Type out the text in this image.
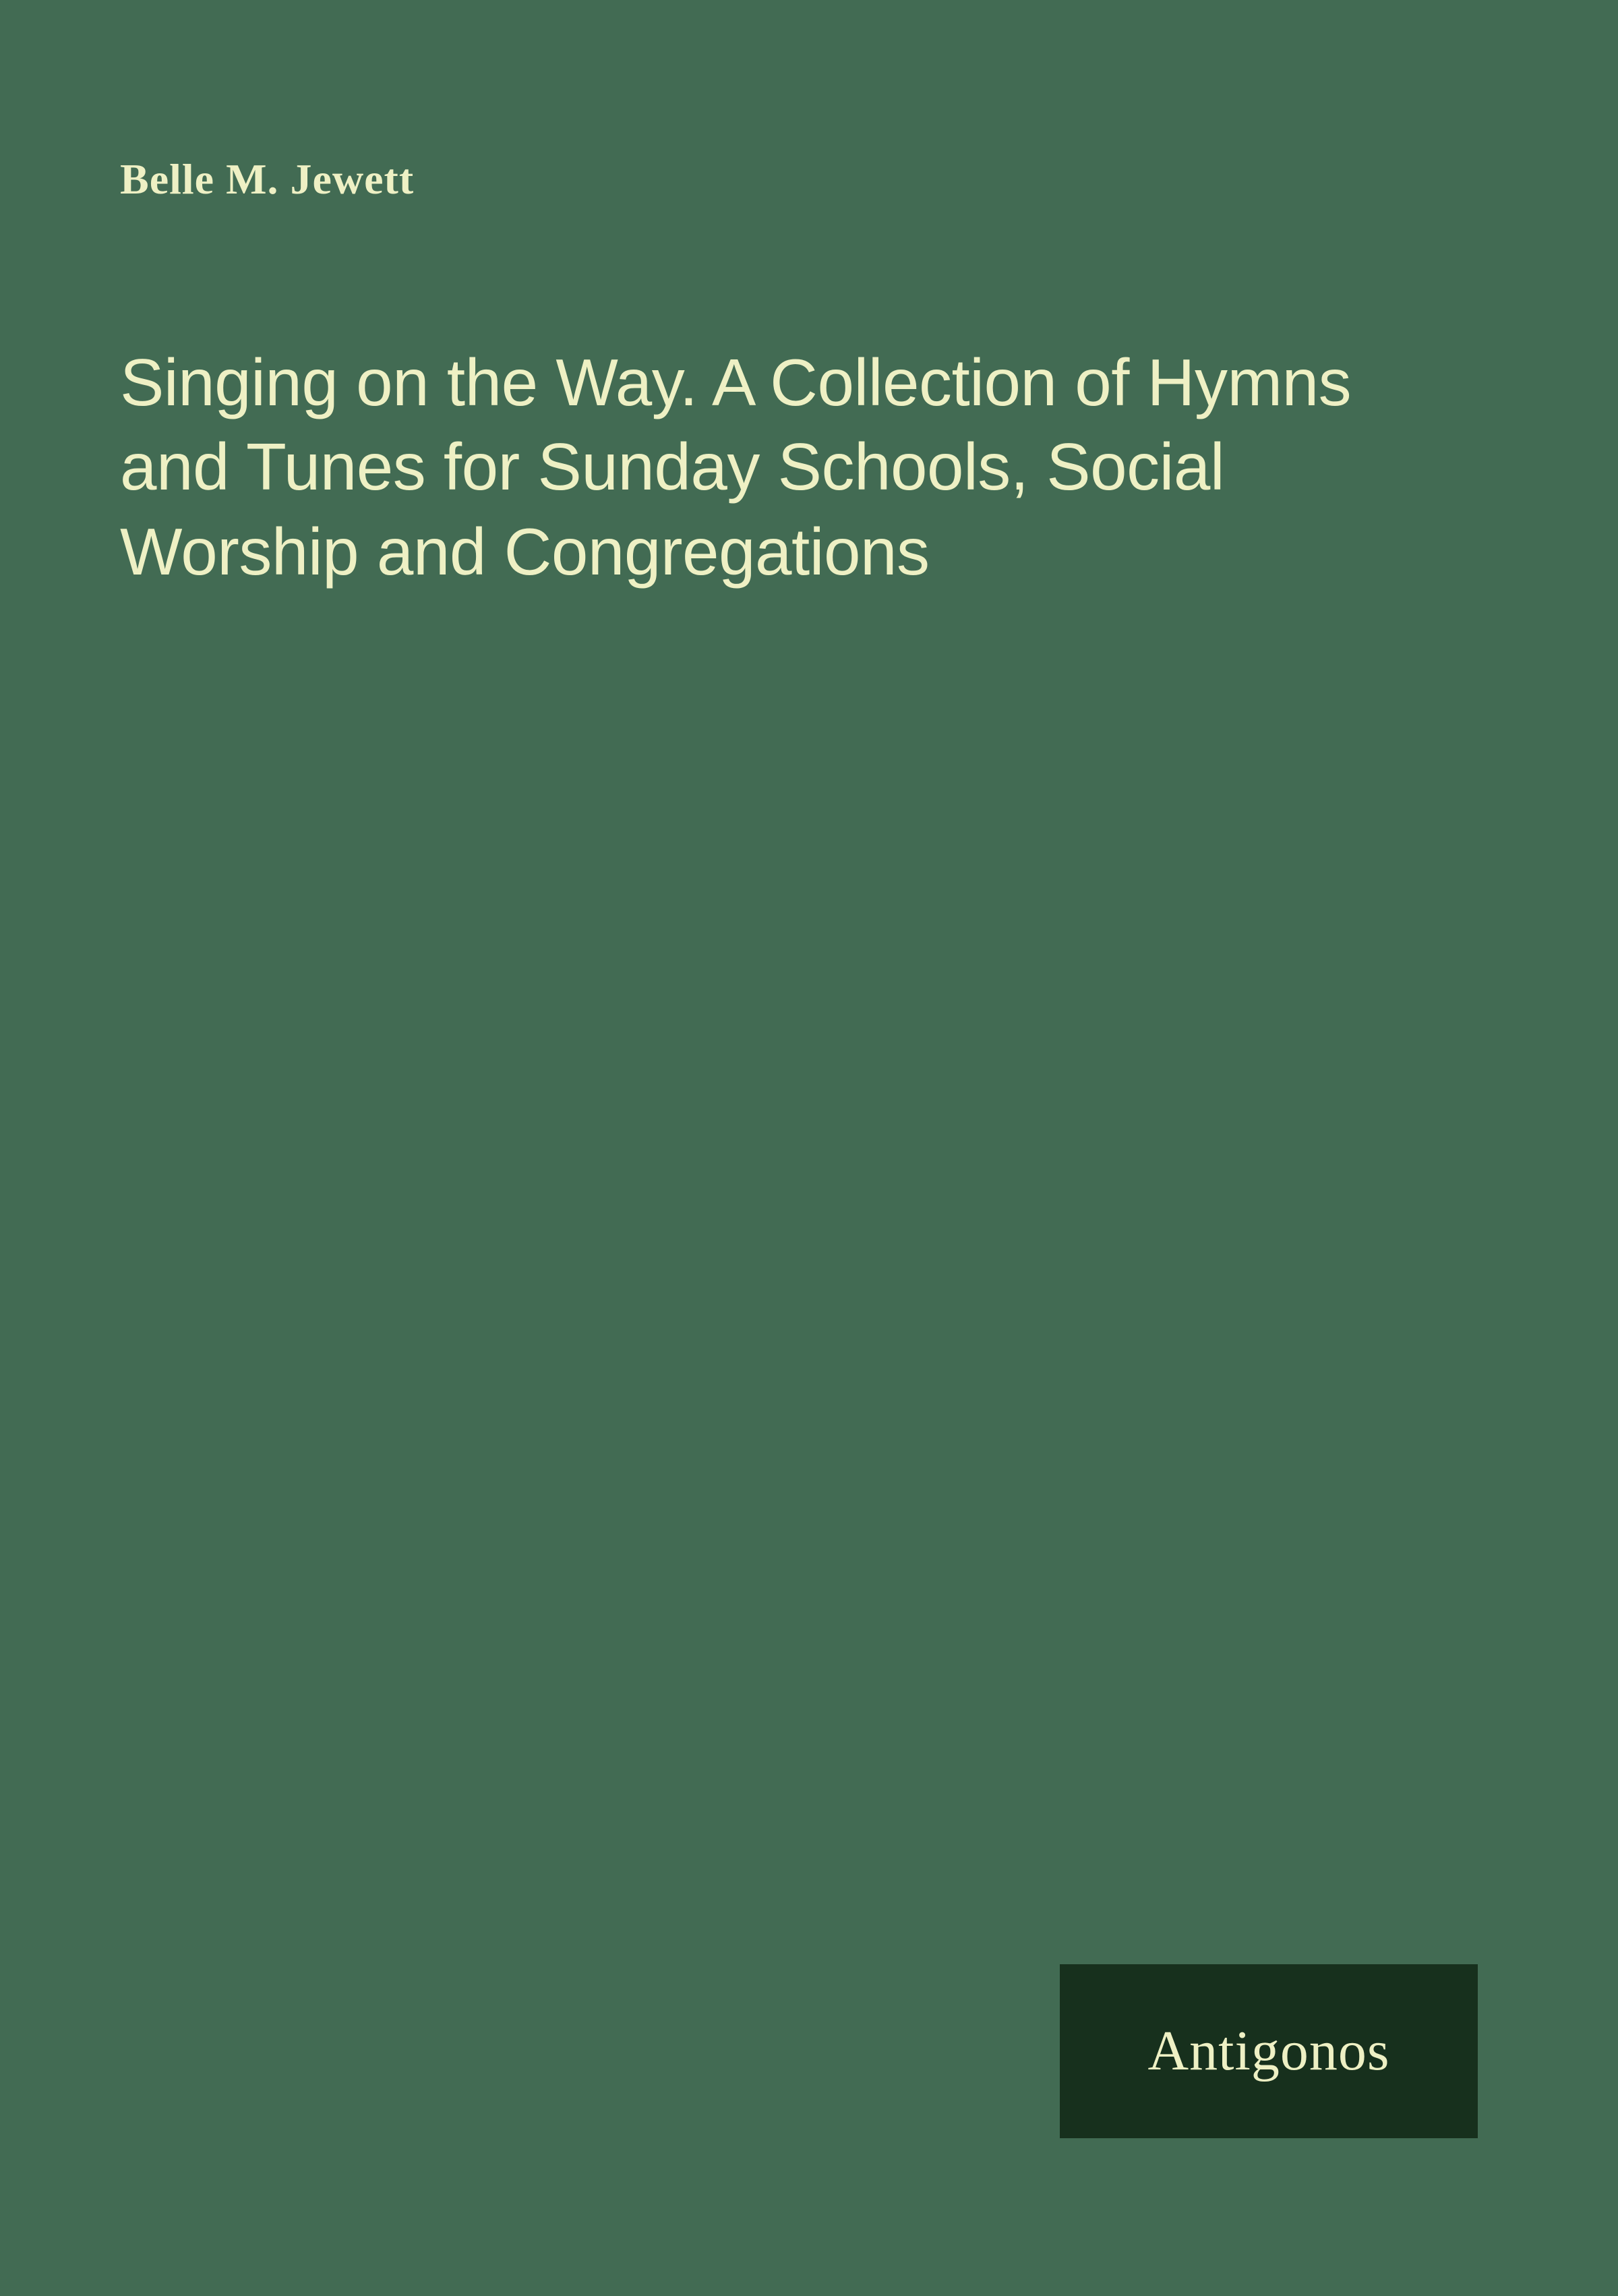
Belle M. Jewett
Singing on the Way. A Collection of Hymns and Tunes for Sunday Schools, Social Worship and Congregations
Antigonos
